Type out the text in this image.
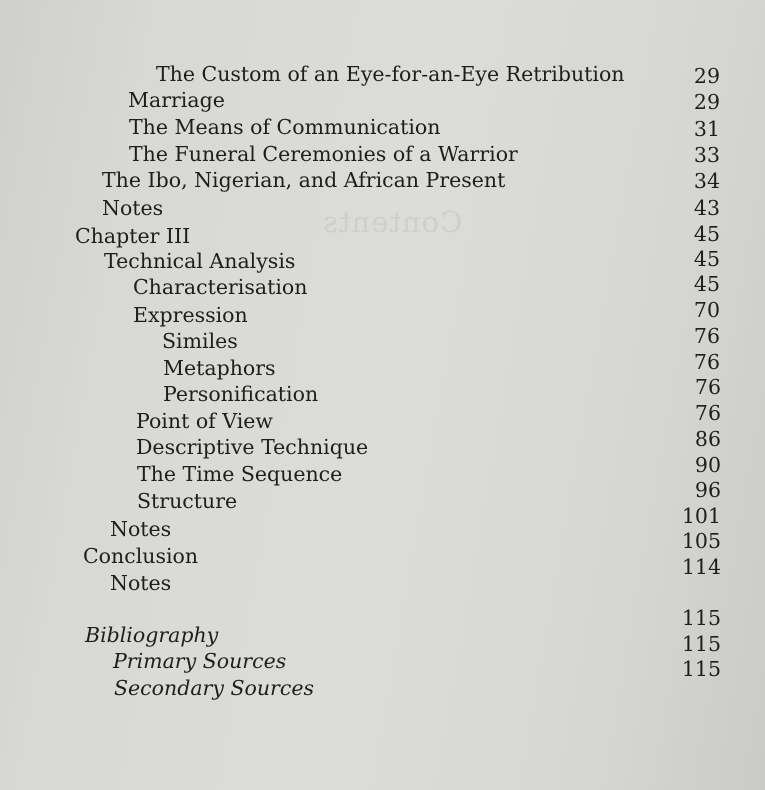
Contents
The Custom of an Eye-for-an-Eye Retribution
Marriage
The Means of Communication
The Funeral Ceremonies of a Warrior
The Ibo, Nigerian, and African Present
Notes
Chapter III
Technical Analysis
Characterisation
Expression
Similes
Metaphors
Personification
Point of View
Descriptive Technique
The Time Sequence
Structure
Notes
Conclusion
Notes
Bibliography
Primary Sources
Secondary Sources
29
29
31
33
34
43
45
45
45
70
76
76
76
76
86
90
96
101
105
114
115
115
115
